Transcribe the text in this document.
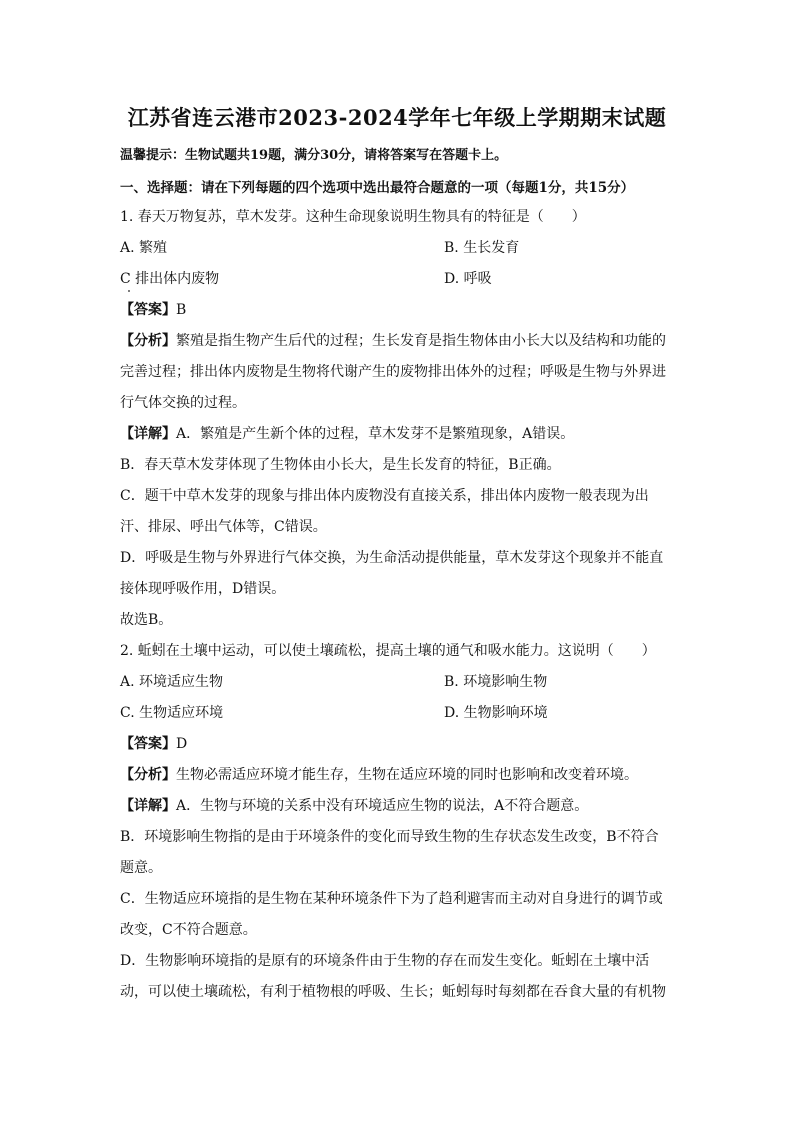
江苏省连云港市2023-2024学年七年级上学期期末试题
温馨提示：生物试题共19题，满分30分，请将答案写在答题卡上。
一、选择题：请在下列每题的四个选项中选出最符合题意的一项（每题1分，共15分）
1. 春天万物复苏，草木发芽。这种生命现象说明生物具有的特征是（　　）
A. 繁殖	B. 生长发育
C 排出体内废物	D. 呼吸
【答案】B
【分析】繁殖是指生物产生后代的过程；生长发育是指生物体由小长大以及结构和功能的
完善过程；排出体内废物是生物将代谢产生的废物排出体外的过程；呼吸是生物与外界进
行气体交换的过程。
【详解】A．繁殖是产生新个体的过程，草木发芽不是繁殖现象，A错误。
B．春天草木发芽体现了生物体由小长大，是生长发育的特征，B正确。
C．题干中草木发芽的现象与排出体内废物没有直接关系，排出体内废物一般表现为出
汗、排尿、呼出气体等，C错误。
D．呼吸是生物与外界进行气体交换，为生命活动提供能量，草木发芽这个现象并不能直
接体现呼吸作用，D错误。
故选B。
2. 蚯蚓在土壤中运动，可以使土壤疏松，提高土壤的通气和吸水能力。这说明（　　）
A. 环境适应生物	B. 环境影响生物
C. 生物适应环境	D. 生物影响环境
【答案】D
【分析】生物必需适应环境才能生存，生物在适应环境的同时也影响和改变着环境。
【详解】A．生物与环境的关系中没有环境适应生物的说法，A不符合题意。
B．环境影响生物指的是由于环境条件的变化而导致生物的生存状态发生改变，B不符合
题意。
C．生物适应环境指的是生物在某种环境条件下为了趋利避害而主动对自身进行的调节或
改变，C不符合题意。
D．生物影响环境指的是原有的环境条件由于生物的存在而发生变化。蚯蚓在土壤中活
动，可以使土壤疏松，有利于植物根的呼吸、生长；蚯蚓每时每刻都在吞食大量的有机物
